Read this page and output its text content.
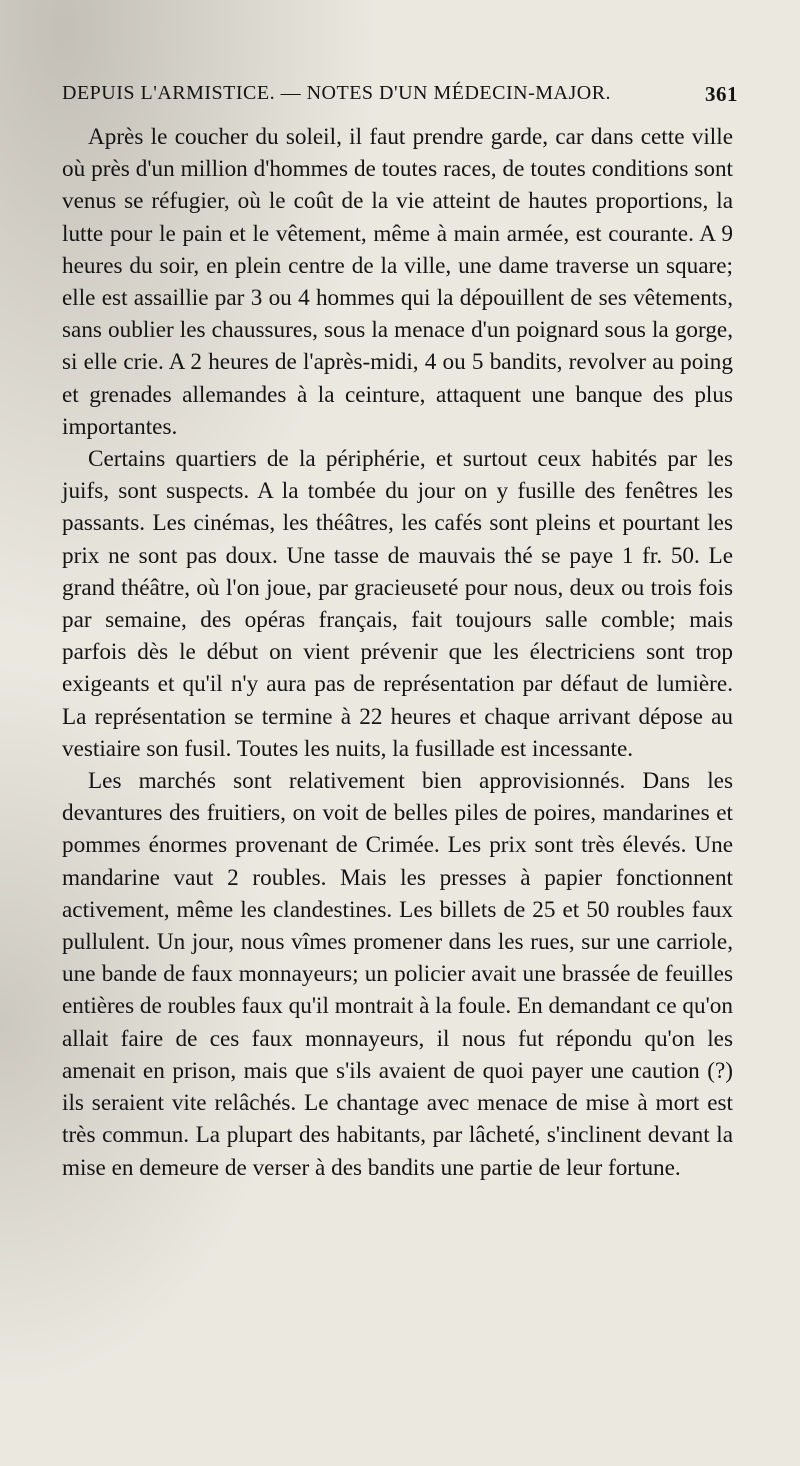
DEPUIS L'ARMISTICE. — NOTES D'UN MÉDECIN-MAJOR.	361

Après le coucher du soleil, il faut prendre garde, car dans cette ville où près d'un million d'hommes de toutes races, de toutes conditions sont venus se réfugier, où le coût de la vie atteint de hautes proportions, la lutte pour le pain et le vêtement, même à main armée, est courante. A 9 heures du soir, en plein centre de la ville, une dame traverse un square; elle est assaillie par 3 ou 4 hommes qui la dépouillent de ses vêtements, sans oublier les chaussures, sous la menace d'un poignard sous la gorge, si elle crie. A 2 heures de l'après-midi, 4 ou 5 bandits, revolver au poing et grenades allemandes à la ceinture, attaquent une banque des plus importantes.

Certains quartiers de la périphérie, et surtout ceux habités par les juifs, sont suspects. A la tombée du jour on y fusille des fenêtres les passants. Les cinémas, les théâtres, les cafés sont pleins et pourtant les prix ne sont pas doux. Une tasse de mauvais thé se paye 1 fr. 50. Le grand théâtre, où l'on joue, par gracieuseté pour nous, deux ou trois fois par semaine, des opéras français, fait toujours salle comble; mais parfois dès le début on vient prévenir que les électriciens sont trop exigeants et qu'il n'y aura pas de représentation par défaut de lumière. La représentation se termine à 22 heures et chaque arrivant dépose au vestiaire son fusil. Toutes les nuits, la fusillade est incessante.

Les marchés sont relativement bien approvisionnés. Dans les devantures des fruitiers, on voit de belles piles de poires, mandarines et pommes énormes provenant de Crimée. Les prix sont très élevés. Une mandarine vaut 2 roubles. Mais les presses à papier fonctionnent activement, même les clandestines. Les billets de 25 et 50 roubles faux pullulent. Un jour, nous vîmes promener dans les rues, sur une carriole, une bande de faux monnayeurs; un policier avait une brassée de feuilles entières de roubles faux qu'il montrait à la foule. En demandant ce qu'on allait faire de ces faux monnayeurs, il nous fut répondu qu'on les amenait en prison, mais que s'ils avaient de quoi payer une caution (?) ils seraient vite relâchés. Le chantage avec menace de mise à mort est très commun. La plupart des habitants, par lâcheté, s'inclinent devant la mise en demeure de verser à des bandits une partie de leur fortune.
